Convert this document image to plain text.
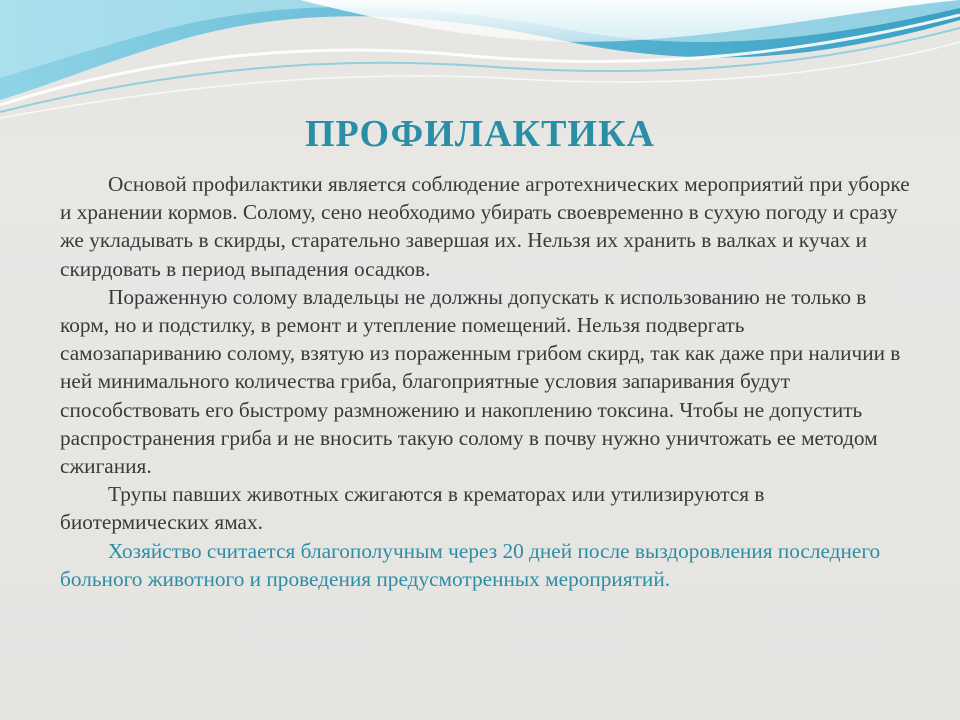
ПРОФИЛАКТИКА

Основой профилактики является соблюдение агротехнических мероприятий при уборке и хранении кормов. Солому, сено необходимо убирать своевременно в сухую погоду и сразу же укладывать в скирды, старательно завершая их. Нельзя их хранить в валках и кучах и скирдовать в период выпадения осадков.

Пораженную солому владельцы не должны допускать к использованию не только в корм, но и подстилку, в ремонт и утепление помещений. Нельзя подвергать самозапариванию солому, взятую из пораженным грибом скирд, так как даже при наличии в ней минимального количества гриба, благоприятные условия запаривания будут способствовать его быстрому размножению и накоплению токсина. Чтобы не допустить распространения гриба и не вносить такую солому в почву нужно уничтожать ее методом сжигания.

Трупы павших животных сжигаются в крематорах или утилизируются в биотермических ямах.

Хозяйство считается благополучным через 20 дней после выздоровления последнего больного животного и проведения предусмотренных мероприятий.
